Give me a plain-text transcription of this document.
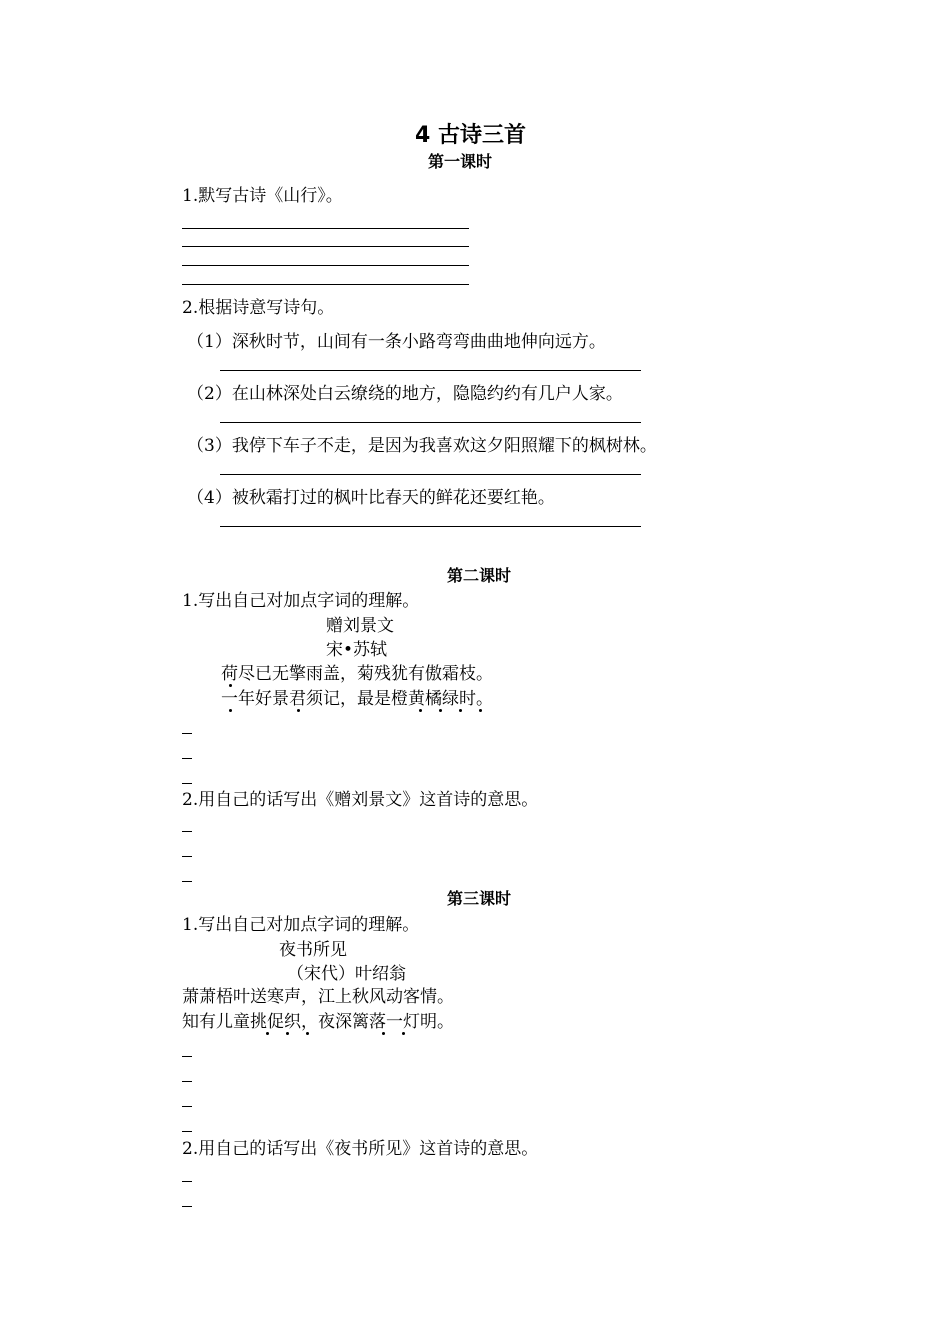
4 古诗三首
第一课时
1.默写古诗《山行》。
2.根据诗意写诗句。
（1）深秋时节，山间有一条小路弯弯曲曲地伸向远方。
（2）在山林深处白云缭绕的地方，隐隐约约有几户人家。
（3）我停下车子不走，是因为我喜欢这夕阳照耀下的枫树林。
（4）被秋霜打过的枫叶比春天的鲜花还要红艳。
第二课时
1.写出自己对加点字词的理解。
赠刘景文
宋•苏轼
荷尽已无擎雨盖，菊残犹有傲霜枝。
一年好景君须记，最是橙黄橘绿时。
2.用自己的话写出《赠刘景文》这首诗的意思。
第三课时
1.写出自己对加点字词的理解。
夜书所见
（宋代）叶绍翁
萧萧梧叶送寒声，江上秋风动客情。
知有儿童挑促织，夜深篱落一灯明。
2.用自己的话写出《夜书所见》这首诗的意思。
